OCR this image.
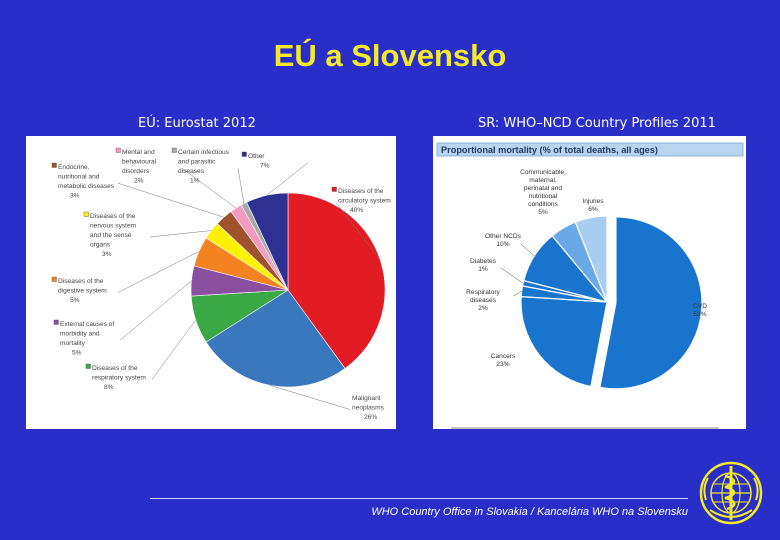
EÚ a Slovensko
EÚ: Eurostat 2012	SR: WHO–NCD Country Profiles 2011
Diseases of the
circulatory system
40%
Malignant
neoplasms
26%
Diseases of the
respiratory system
8%
External causes of
morbidity and
mortality
5%
Diseases of the
digestive system
5%
Diseases of the
nervous system
and the sense
organs
3%
Endocrine,
nutritional and
metabolic diseases
3%
Mental and
behavioural
disorders
2%
Certain infectious
and parasitic
diseases
1%
Other
7%
Proportional mortality (% of total deaths, all ages)
CVD
53%
Cancers
23%
Respiratory
diseases
2%
Diabetes
1%
Other NCDs
10%
Communicable,
maternal,
perinatal and
nutritional
conditions
5%
Injuries
6%
WHO Country Office in Slovakia / Kancelária WHO na Slovensku
